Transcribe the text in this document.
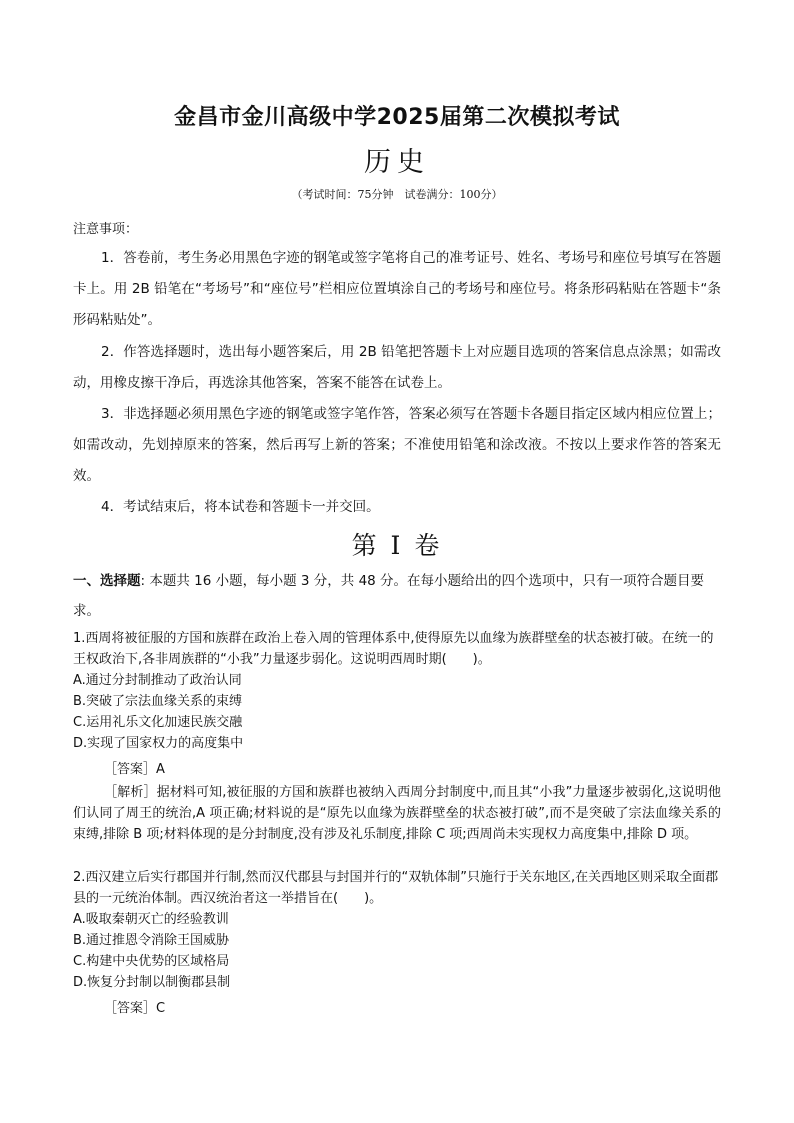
金昌市金川高级中学2025届第二次模拟考试
历史
（考试时间：75分钟　试卷满分：100分）
注意事项：
1．答卷前，考生务必用黑色字迹的钢笔或签字笔将自己的准考证号、姓名、考场号和座位号填写在答题卡上。用 2B 铅笔在“考场号”和“座位号”栏相应位置填涂自己的考场号和座位号。将条形码粘贴在答题卡“条形码粘贴处”。
2．作答选择题时，选出每小题答案后，用 2B 铅笔把答题卡上对应题目选项的答案信息点涂黑；如需改动，用橡皮擦干净后，再选涂其他答案，答案不能答在试卷上。
3．非选择题必须用黑色字迹的钢笔或签字笔作答，答案必须写在答题卡各题目指定区域内相应位置上；如需改动，先划掉原来的答案，然后再写上新的答案；不准使用铅笔和涂改液。不按以上要求作答的答案无效。
4．考试结束后，将本试卷和答题卡一并交回。
第 I 卷
一、选择题: 本题共 16 小题，每小题 3 分，共 48 分。在每小题给出的四个选项中，只有一项符合题目要求。
1.西周将被征服的方国和族群在政治上卷入周的管理体系中,使得原先以血缘为族群壁垒的状态被打破。在统一的王权政治下,各非周族群的“小我”力量逐步弱化。这说明西周时期(　　)。
A.通过分封制推动了政治认同
B.突破了宗法血缘关系的束缚
C.运用礼乐文化加速民族交融
D.实现了国家权力的高度集中
［答案］A
［解析］据材料可知,被征服的方国和族群也被纳入西周分封制度中,而且其“小我”力量逐步被弱化,这说明他们认同了周王的统治,A 项正确;材料说的是“原先以血缘为族群壁垒的状态被打破”,而不是突破了宗法血缘关系的束缚,排除 B 项;材料体现的是分封制度,没有涉及礼乐制度,排除 C 项;西周尚未实现权力高度集中,排除 D 项。
2.西汉建立后实行郡国并行制,然而汉代郡县与封国并行的“双轨体制”只施行于关东地区,在关西地区则采取全面郡县的一元统治体制。西汉统治者这一举措旨在(　　)。
A.吸取秦朝灭亡的经验教训
B.通过推恩令消除王国威胁
C.构建中央优势的区域格局
D.恢复分封制以制衡郡县制
［答案］C
